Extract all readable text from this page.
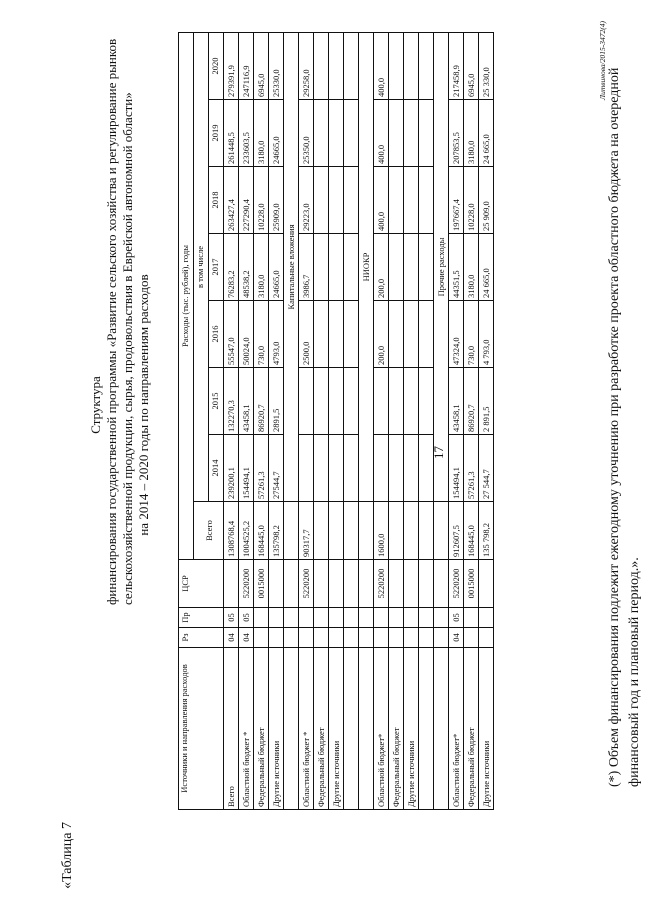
17
«Таблица 7
Структура финансирования государственной программы «Развитие сельского хозяйства и регулирование рынков сельскохозяйственной продукции, сырья, продовольствия в Еврейской автономной области» на 2014 – 2020 годы по направлениям расходов
Источники и направления расходов	Рз	Пр	ЦСР	Расходы (тыс. рублей), годы							
				Всего	в том числе						
					2014	2015	2016	2017	2018	2019	2020
Всего	04	05		1308768,4	239200,1	132270,3	55547,0	76283,2	263427,4	261448,5	279391,9
Областной бюджет *	04	05	5220200	1004525,2	154494,1	43458,1	50024,0	48538,2	227290,4	233603,5	247116,9
Федеральный бюджет			0015000	168445,0	57261,3	86920,7	730,0	3180,0	10228,0	3180,0	6945,0
Другие источники				135798,2	27544,7	2891,5	4793,0	24665,0	25909,0	24665,0	25330,0
					Капитальные вложения						
Областной бюджет *			5220200	90317,7			2500,0	3986,7	29223,0	25350,0	29258,0
Федеральный бюджет											
Другие источники											

					НИОКР						
Областной бюджет*			5220200	1600,0			200,0	200,0	400,0	400,0	400,0
Федеральный бюджет											
Другие источники											

					Прочие расходы						
Областной бюджет*	04	05	5220200	912607,5	154494,1	43458,1	47324,0	44351,5	197667,4	207853,5	217458,9
Федеральный бюджет			0015000	168445,0	57261,3	86920,7	730,0	3180,0	10228,0	3180,0	6945,0
Другие источники				135 798,2	27 544,7	2 891,5	4 793,0	24 665,0	25 909,0	24 665,0	25 330,0	(*) Объем финансирования подлежит ежегодному уточнению при разработке проекта областного бюджета на очередной финансовый год и плановый период.».
Литвинова/2015-3472(4)
